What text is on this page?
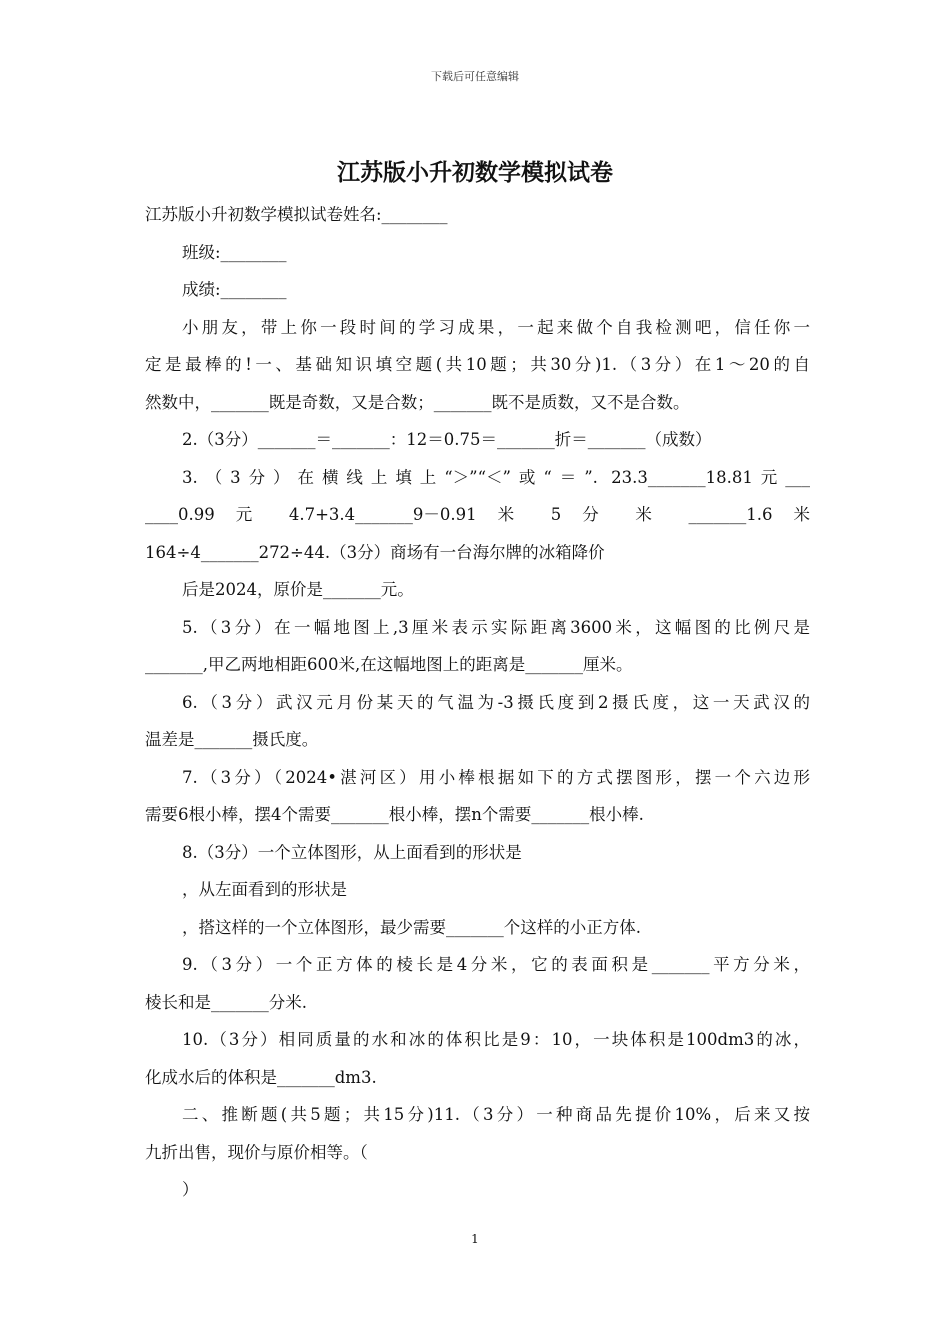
下载后可任意编辑
江苏版小升初数学模拟试卷
江苏版小升初数学模拟试卷姓名:________
班级:________
成绩:________
小朋友，带上你一段时间的学习成果，一起来做个自我检测吧，信任你一
定是最棒的!一、基础知识填空题(共10题；共30分)1.（3分）在1～20的自
然数中，_______既是奇数，又是合数；_______既不是质数，又不是合数。
2.（3分）_______＝_______：12＝0.75＝_______折＝_______（成数）
3.（3分）在横线上填上“＞”“＜”或“＝”. 23.3_______18.81元___
____0.99 元 4.7+3.4_______9－0.91 米 5 分 米 _______1.6 米
164÷4_______272÷44.（3分）商场有一台海尔牌的冰箱降价
后是2024，原价是_______元。
5.（3分）在一幅地图上,3厘米表示实际距离3600米，这幅图的比例尺是
_______,甲乙两地相距600米,在这幅地图上的距离是_______厘米。
6.（3分）武汉元月份某天的气温为-3摄氏度到2摄氏度，这一天武汉的
温差是_______摄氏度。
7.（3分）（2024•湛河区）用小棒根据如下的方式摆图形，摆一个六边形
需要6根小棒，摆4个需要_______根小棒，摆n个需要_______根小棒.
8.（3分）一个立体图形，从上面看到的形状是
，从左面看到的形状是
，搭这样的一个立体图形，最少需要_______个这样的小正方体.
9.（3分）一个正方体的棱长是4分米，它的表面积是_______平方分米，
棱长和是_______分米.
10.（3分）相同质量的水和冰的体积比是9：10，一块体积是100dm3的冰，
化成水后的体积是_______dm3.
二、推断题(共5题；共15分)11.（3分）一种商品先提价10%，后来又按
九折出售，现价与原价相等。（
）
1
